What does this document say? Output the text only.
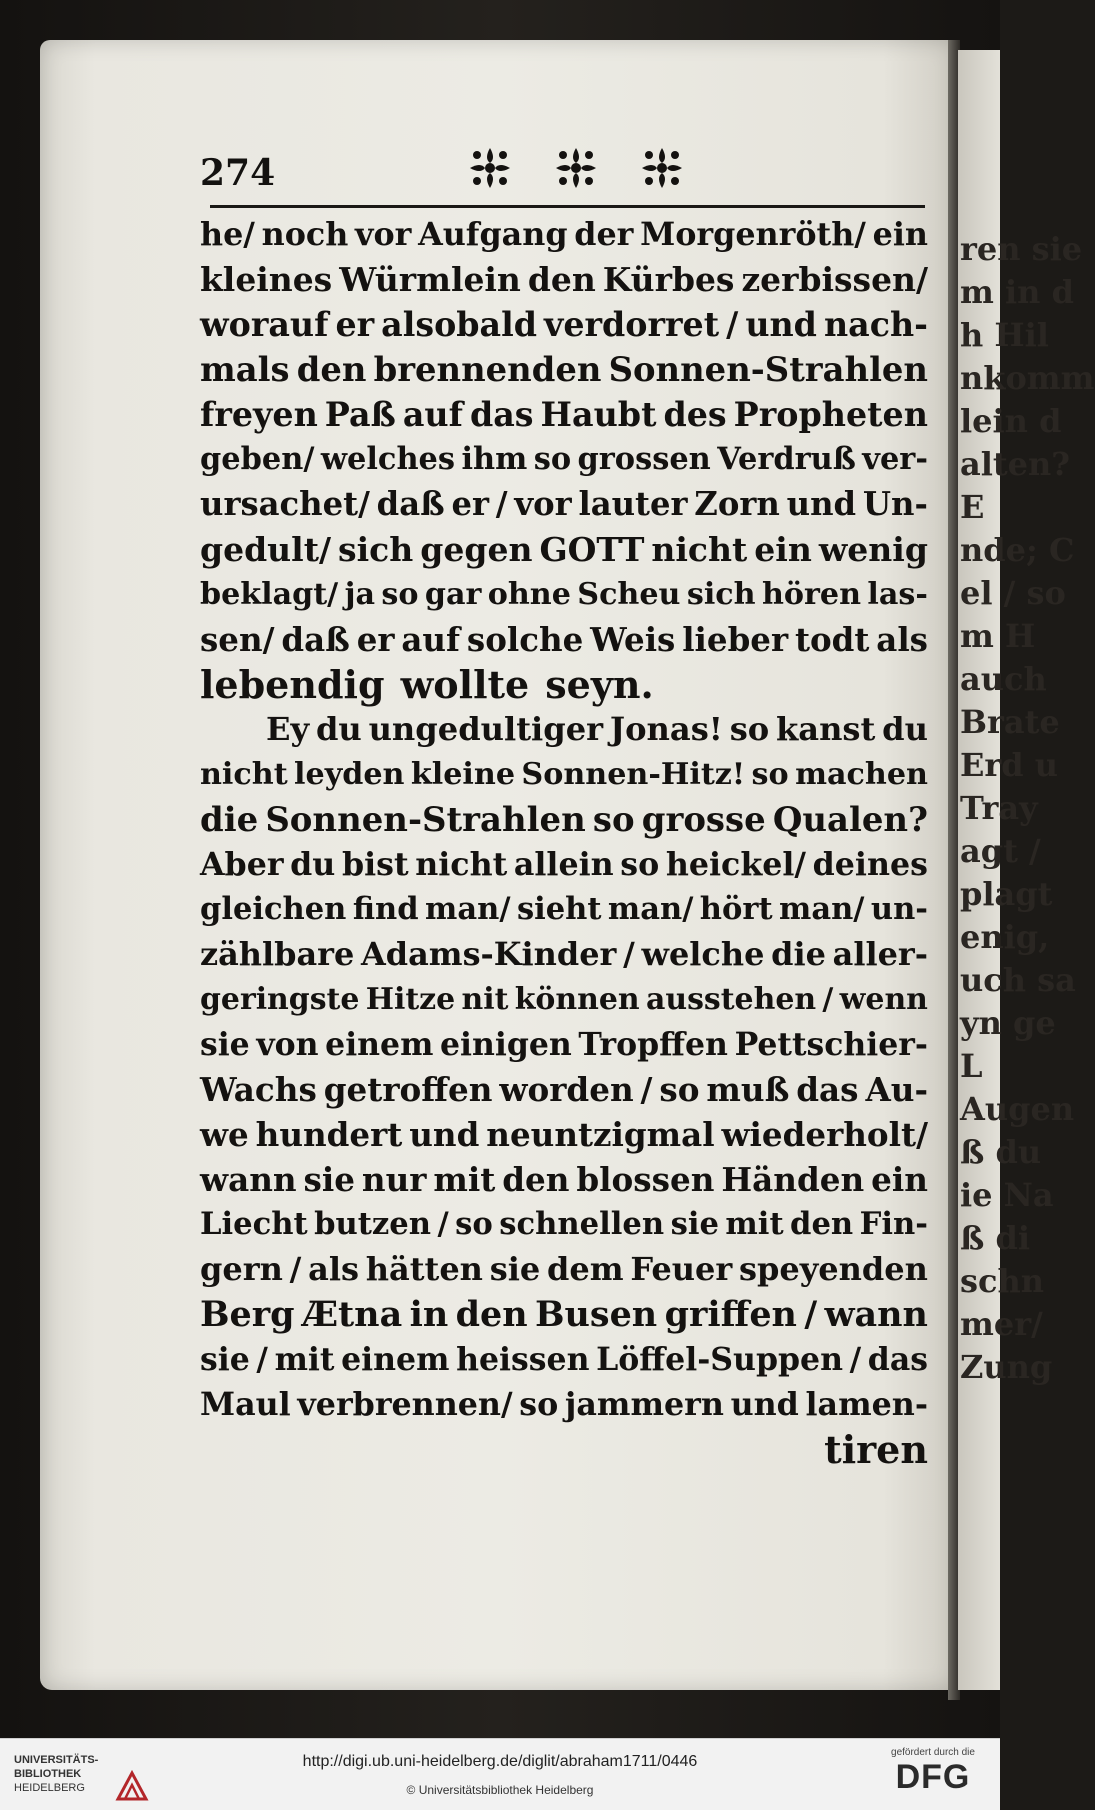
ren sie
m in d
h Hil
nkomm
lein d
alten?
E
nde; C
el / so
m H
auch
Brate
Erd u
Tray
agt /
plagt
enig,
uch sa
yn ge
L
Augen
ß du
ie Na
ß di
schn
mer/
Zung
274
he/ noch vor Aufgang der Morgenröth/ ein
kleines Würmlein den Kürbes zerbissen/
worauf er alsobald verdorret / und nach-
mals den brennenden Sonnen-Strahlen
freyen Paß auf das Haubt des Propheten
geben/ welches ihm so grossen Verdruß ver-
ursachet/ daß er / vor lauter Zorn und Un-
gedult/ sich gegen GOTT nicht ein wenig
beklagt/ ja so gar ohne Scheu sich hören las-
sen/ daß er auf solche Weis lieber todt als
lebendig wollte seyn.
Ey du ungedultiger Jonas! so kanst du
nicht leyden kleine Sonnen-Hitz! so machen
die Sonnen-Strahlen so grosse Qualen?
Aber du bist nicht allein so heickel/ deines
gleichen find man/ sieht man/ hört man/ un-
zählbare Adams-Kinder / welche die aller-
geringste Hitze nit können ausstehen / wenn
sie von einem einigen Tropffen Pettschier-
Wachs getroffen worden / so muß das Au-
we hundert und neuntzigmal wiederholt/
wann sie nur mit den blossen Händen ein
Liecht butzen / so schnellen sie mit den Fin-
gern / als hätten sie dem Feuer speyenden
Berg Ætna in den Busen griffen / wann
sie / mit einem heissen Löffel-Suppen / das
Maul verbrennen/ so jammern und lamen-
tiren
UNIVERSITÄTS-
BIBLIOTHEK
HEIDELBERG
http://digi.ub.uni-heidelberg.de/diglit/abraham1711/0446
© Universitätsbibliothek Heidelberg
gefördert durch die
DFG
